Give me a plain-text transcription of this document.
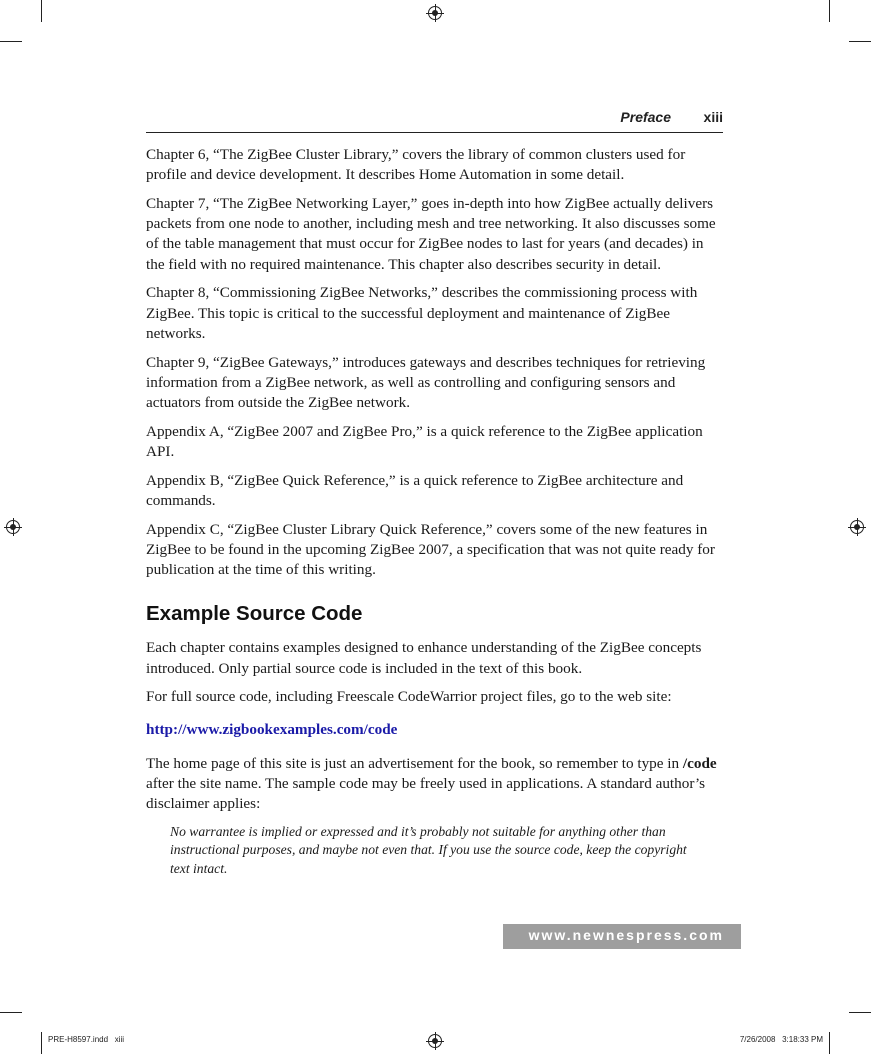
Preface xiii

Chapter 6, “The ZigBee Cluster Library,” covers the library of common clusters used for profile and device development. It describes Home Automation in some detail.

Chapter 7, “The ZigBee Networking Layer,” goes in-depth into how ZigBee actually delivers packets from one node to another, including mesh and tree networking. It also discusses some of the table management that must occur for ZigBee nodes to last for years (and decades) in the field with no required maintenance. This chapter also describes security in detail.

Chapter 8, “Commissioning ZigBee Networks,” describes the commissioning process with ZigBee. This topic is critical to the successful deployment and maintenance of ZigBee networks.

Chapter 9, “ZigBee Gateways,” introduces gateways and describes techniques for retrieving information from a ZigBee network, as well as controlling and configuring sensors and actuators from outside the ZigBee network.

Appendix A, “ZigBee 2007 and ZigBee Pro,” is a quick reference to the ZigBee application API.

Appendix B, “ZigBee Quick Reference,” is a quick reference to ZigBee architecture and commands.

Appendix C, “ZigBee Cluster Library Quick Reference,” covers some of the new features in ZigBee to be found in the upcoming ZigBee 2007, a specification that was not quite ready for publication at the time of this writing.

Example Source Code

Each chapter contains examples designed to enhance understanding of the ZigBee concepts introduced. Only partial source code is included in the text of this book.

For full source code, including Freescale CodeWarrior project files, go to the web site:

http://www.zigbookexamples.com/code

The home page of this site is just an advertisement for the book, so remember to type in /code after the site name. The sample code may be freely used in applications. A standard author’s disclaimer applies:

No warrantee is implied or expressed and it’s probably not suitable for anything other than instructional purposes, and maybe not even that. If you use the source code, keep the copyright text intact.

www.newnespress.com
PRE-H8597.indd   xiii	7/26/2008   3:18:33 PM
